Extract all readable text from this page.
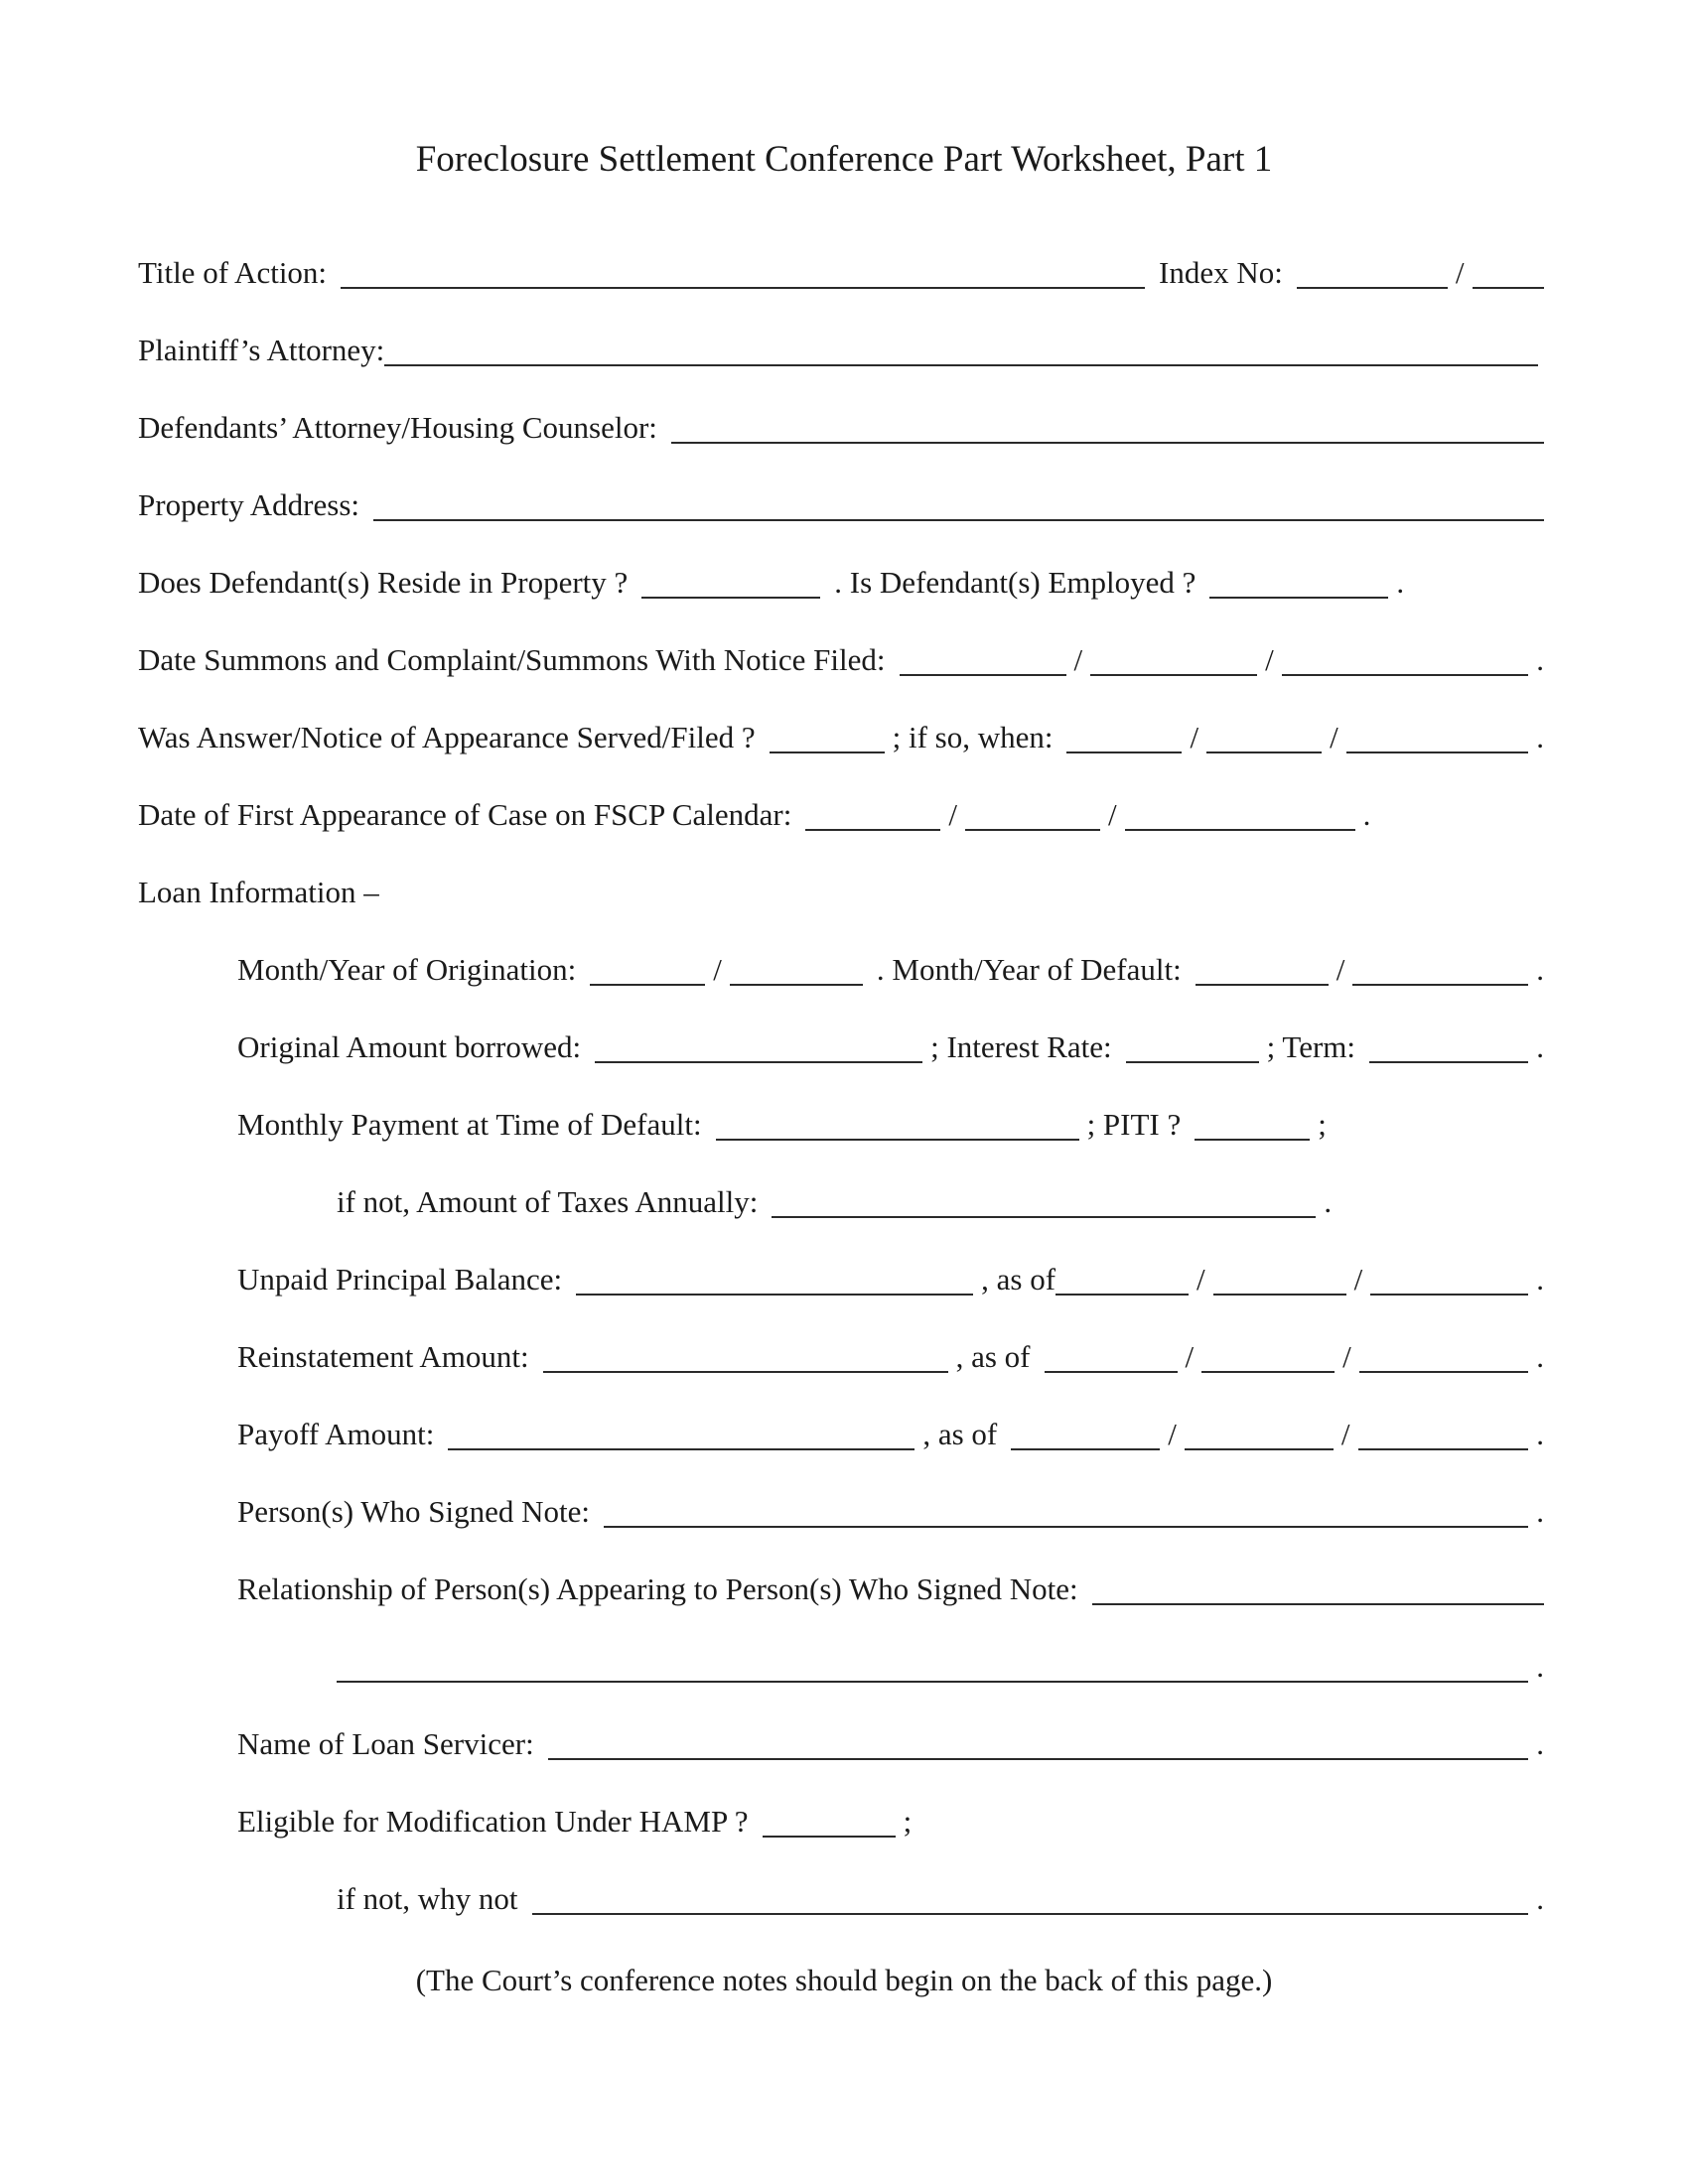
Foreclosure Settlement Conference Part Worksheet, Part 1
Title of Action:	Index No:	/
Plaintiff’s Attorney:
Defendants’ Attorney/Housing Counselor:
Property Address:
Does Defendant(s) Reside in Property ?	. Is Defendant(s) Employed ?	.
Date Summons and Complaint/Summons With Notice Filed:	/	/	.
Was Answer/Notice of Appearance Served/Filed ?	; if so, when:	/	/	.
Date of First Appearance of Case on FSCP Calendar:	/	/	.
Loan Information –
Month/Year of Origination:	/	. Month/Year of Default:	/	.
Original Amount borrowed:	; Interest Rate:	; Term:	.
Monthly Payment at Time of Default:	; PITI ?	;
if not, Amount of Taxes Annually:	.
Unpaid Principal Balance:	, as of	/	/	.
Reinstatement Amount:	, as of	/	/	.
Payoff Amount:	, as of	/	/	.
Person(s) Who Signed Note:	.
Relationship of Person(s) Appearing to Person(s) Who Signed Note:
.
Name of Loan Servicer:	.
Eligible for Modification Under HAMP ?	;
if not, why not	.
(The Court’s conference notes should begin on the back of this page.)
